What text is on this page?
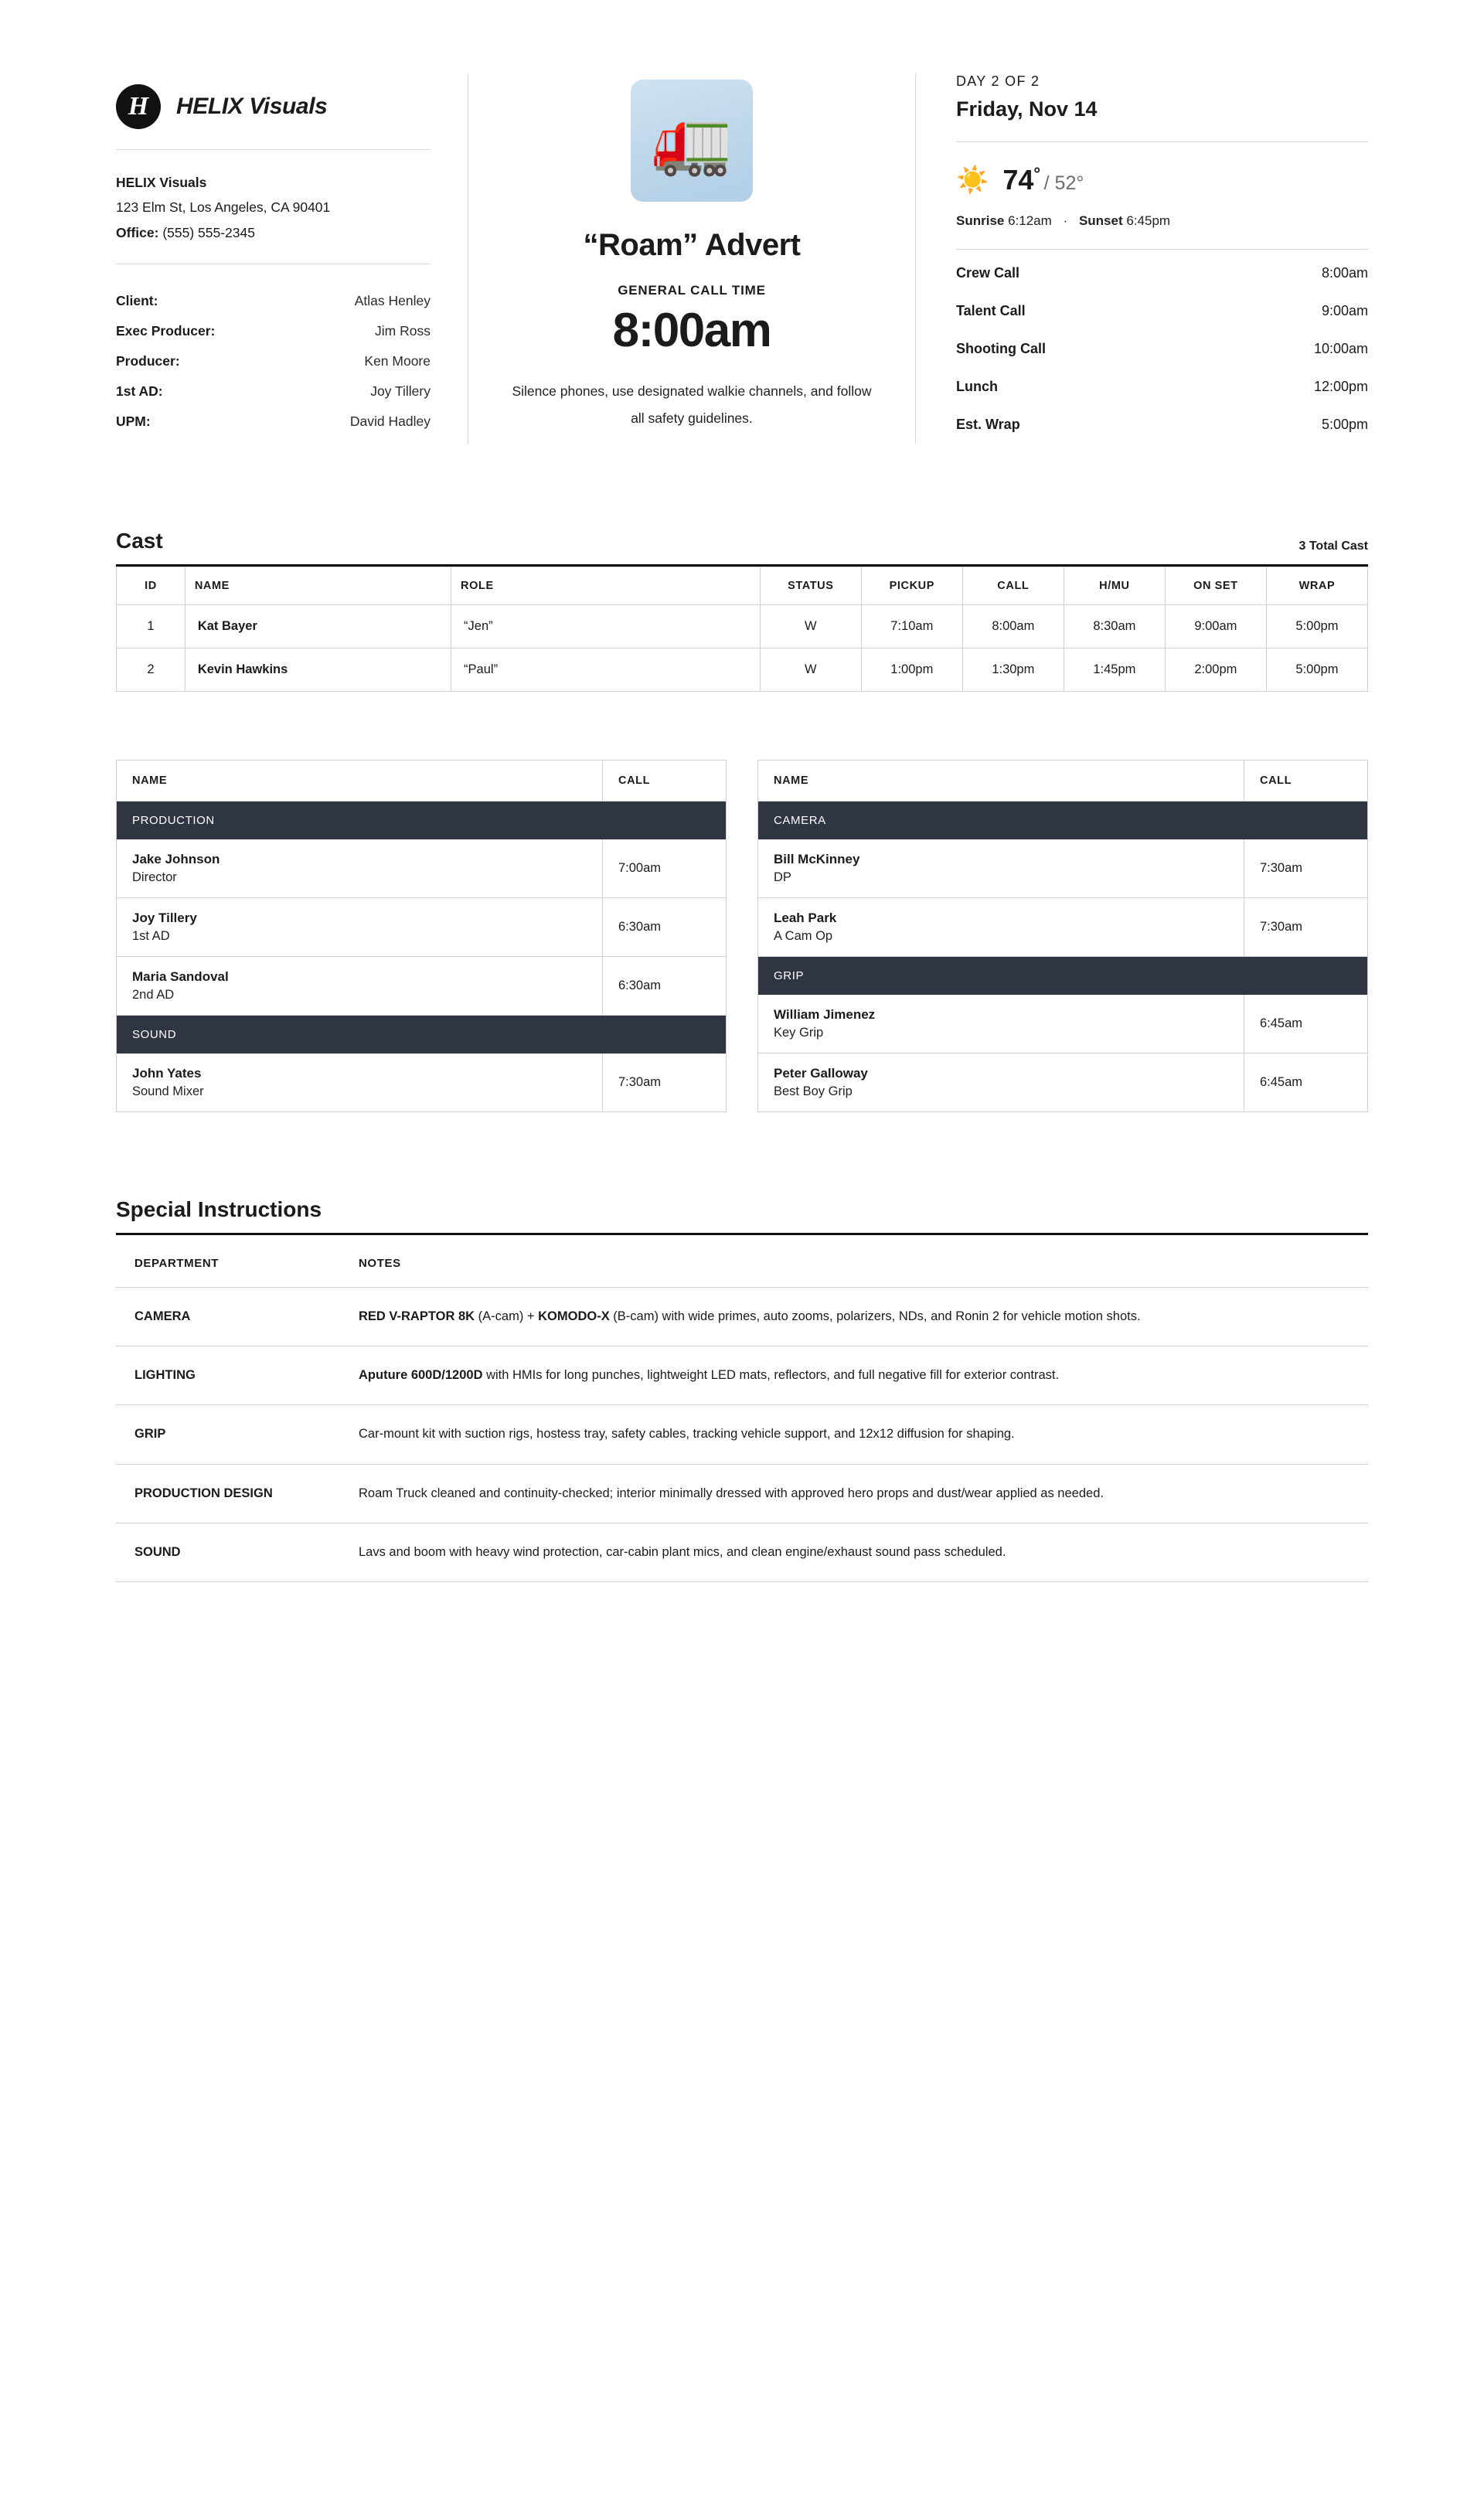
H	HELIX Visuals
HELIX Visuals
123 Elm St, Los Angeles, CA 90401
Office: (555) 555-2345
Client:	Atlas Henley
Exec Producer:	Jim Ross
Producer:	Ken Moore
1st AD:	Joy Tillery
UPM:	David Hadley
🚛
“Roam” Advert
GENERAL CALL TIME
8:00am
Silence phones, use designated walkie channels, and follow all safety guidelines.
DAY 2 OF 2
Friday, Nov 14
☀️ 74° / 52°
Sunrise 6:12am · Sunset 6:45pm
Crew Call	8:00am
Talent Call	9:00am
Shooting Call	10:00am
Lunch	12:00pm
Est. Wrap	5:00pm
Cast	3 Total Cast
ID	NAME	ROLE	STATUS	PICKUP	CALL	H/MU	ON SET	WRAP
1	Kat Bayer	“Jen”	W	7:10am	8:00am	8:30am	9:00am	5:00pm
2	Kevin Hawkins	“Paul”	W	1:00pm	1:30pm	1:45pm	2:00pm	5:00pm
NAME	CALL
PRODUCTION	

Jake Johnson
Director	7:00am

Joy Tillery
1st AD	6:30am

Maria Sandoval
2nd AD	6:30am
SOUND	

John Yates
Sound Mixer	7:30am
NAME	CALL
CAMERA	

Bill McKinney
DP	7:30am

Leah Park
A Cam Op	7:30am
GRIP	

William Jimenez
Key Grip	6:45am

Peter Galloway
Best Boy Grip	6:45am
Special Instructions
DEPARTMENT	NOTES
CAMERA	RED V-RAPTOR 8K (A-cam) + KOMODO-X (B-cam) with wide primes, auto zooms, polarizers, NDs, and Ronin 2 for vehicle motion shots.
LIGHTING	Aputure 600D/1200D with HMIs for long punches, lightweight LED mats, reflectors, and full negative fill for exterior contrast.
GRIP	Car-mount kit with suction rigs, hostess tray, safety cables, tracking vehicle support, and 12x12 diffusion for shaping.
PRODUCTION DESIGN	Roam Truck cleaned and continuity-checked; interior minimally dressed with approved hero props and dust/wear applied as needed.
SOUND	Lavs and boom with heavy wind protection, car-cabin plant mics, and clean engine/exhaust sound pass scheduled.
